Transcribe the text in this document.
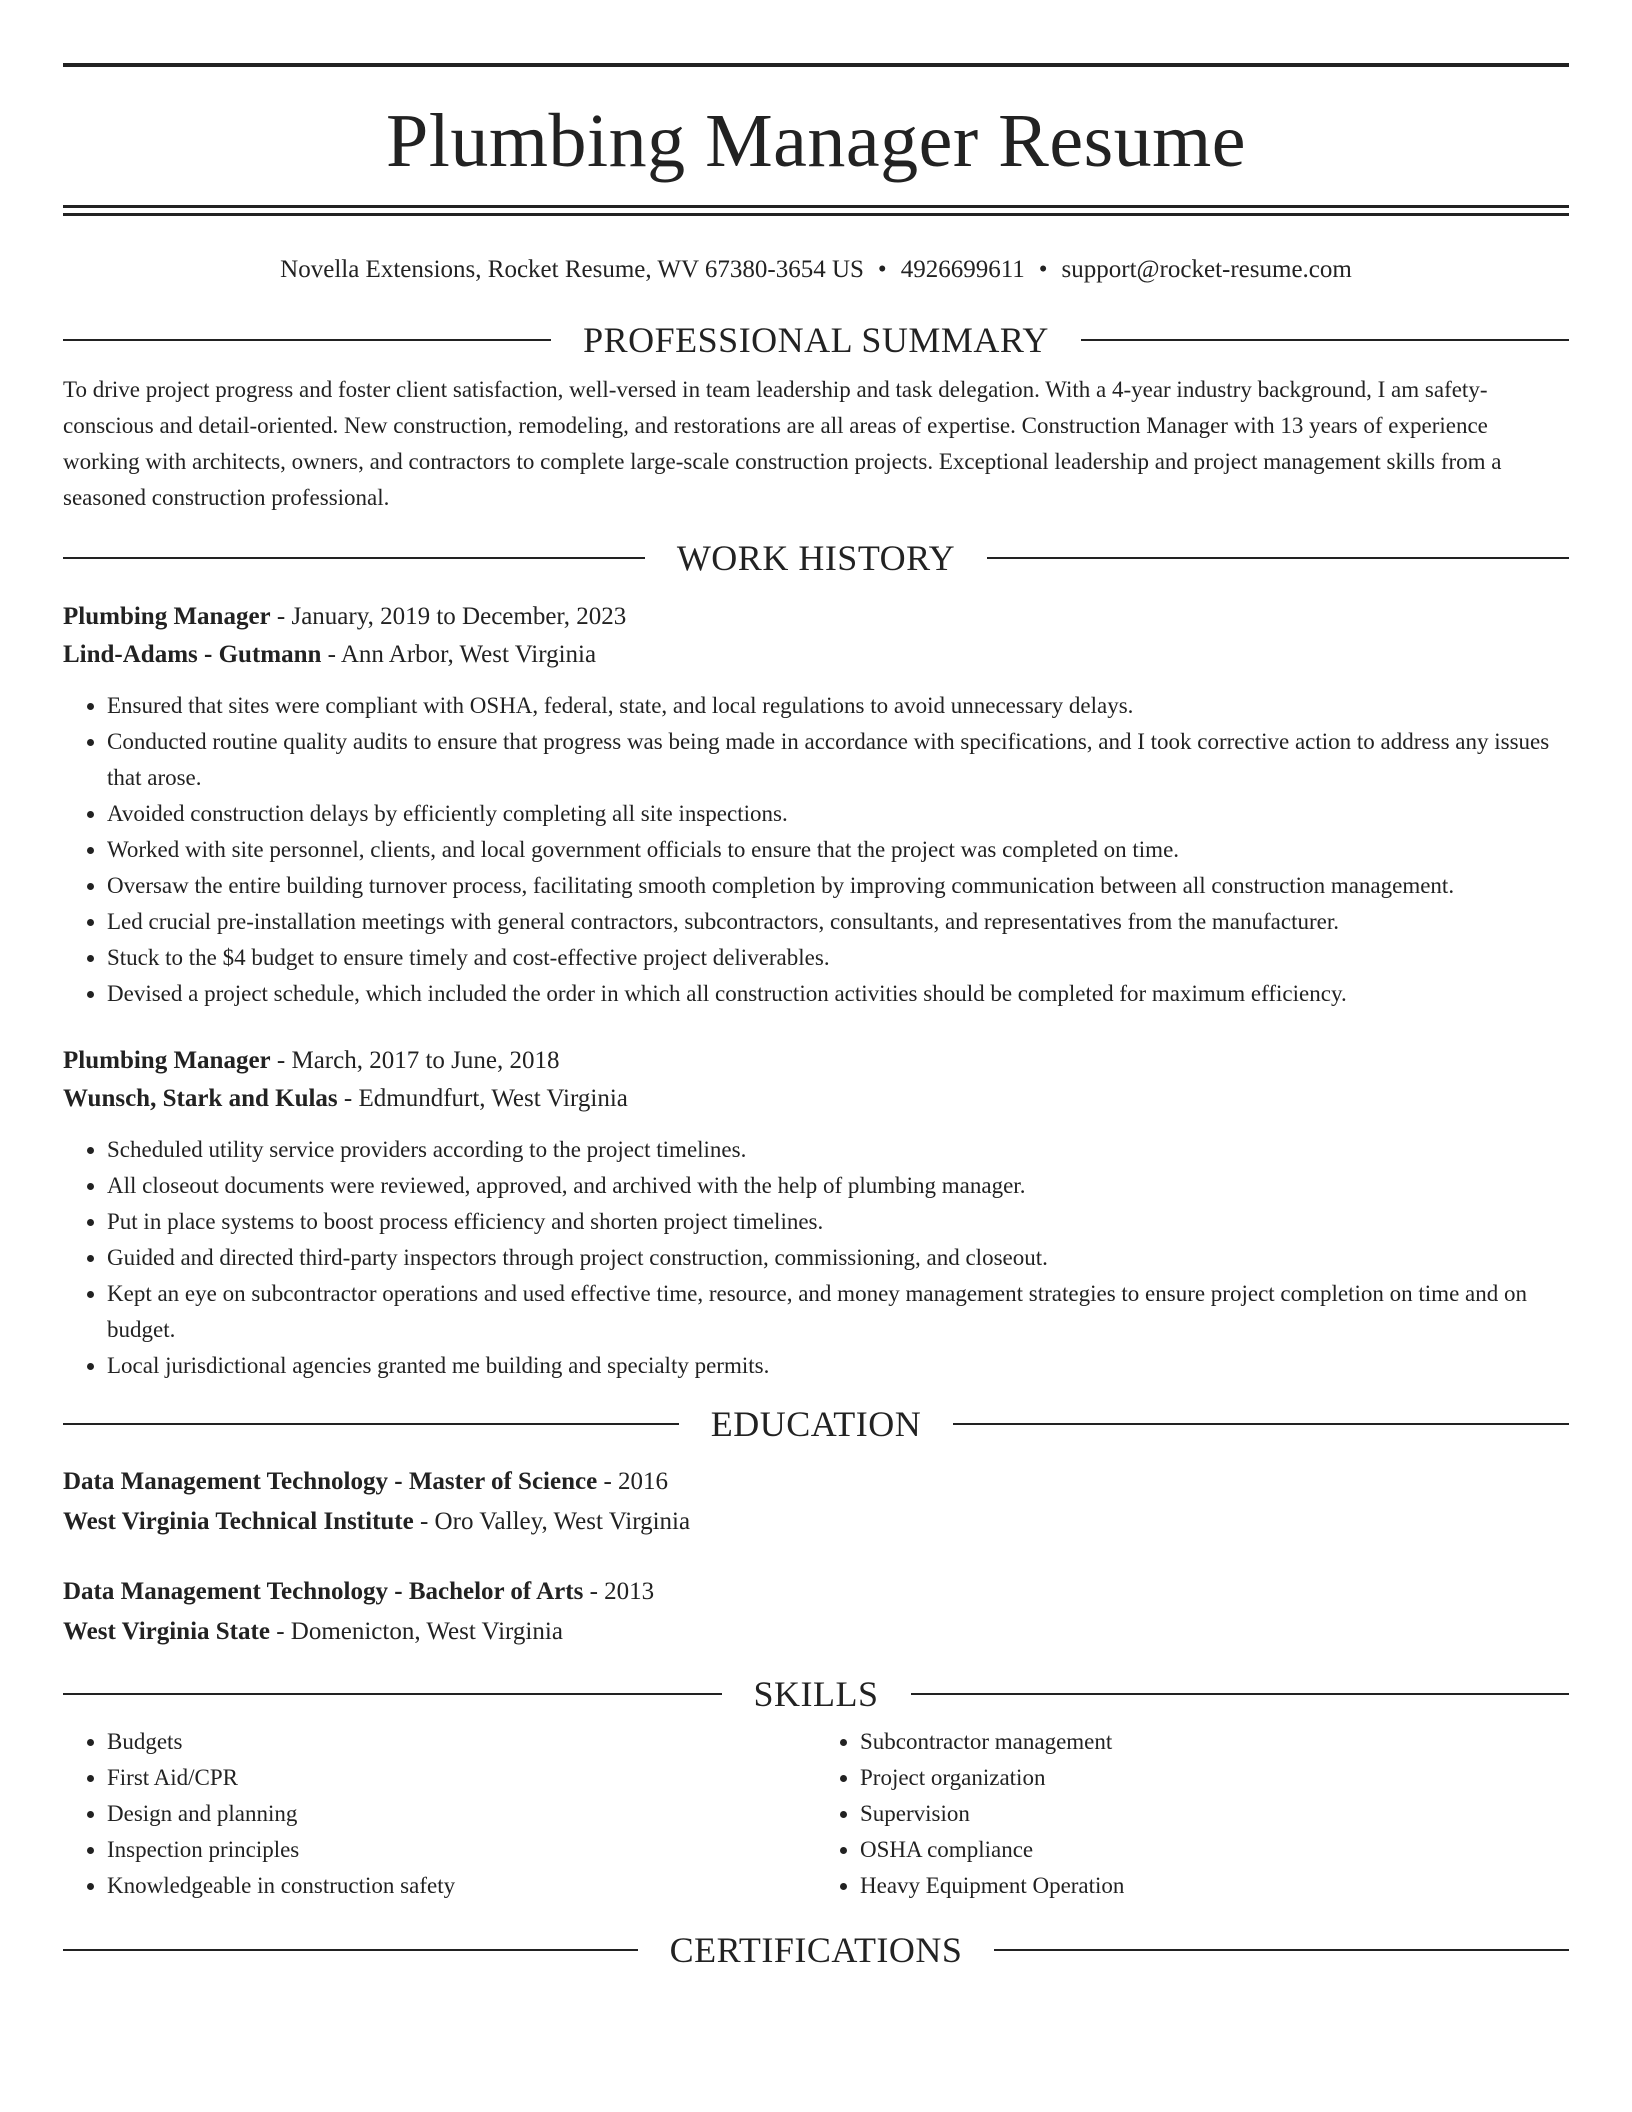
Plumbing Manager Resume
Novella Extensions, Rocket Resume, WV 67380-3654 US • 4926699611 • support@rocket-resume.com
PROFESSIONAL SUMMARY

To drive project progress and foster client satisfaction, well-versed in team leadership and task delegation. With a 4-year industry background, I am safety-conscious and detail-oriented. New construction, remodeling, and restorations are all areas of expertise. Construction Manager with 13 years of experience working with architects, owners, and contractors to complete large-scale construction projects. Exceptional leadership and project management skills from a seasoned construction professional.

WORK HISTORY

Plumbing Manager - January, 2019 to December, 2023

Lind-Adams - Gutmann - Ann Arbor, West Virginia

• Ensured that sites were compliant with OSHA, federal, state, and local regulations to avoid unnecessary delays.
• Conducted routine quality audits to ensure that progress was being made in accordance with specifications, and I took corrective action to address any issues that arose.
• Avoided construction delays by efficiently completing all site inspections.
• Worked with site personnel, clients, and local government officials to ensure that the project was completed on time.
• Oversaw the entire building turnover process, facilitating smooth completion by improving communication between all construction management.
• Led crucial pre-installation meetings with general contractors, subcontractors, consultants, and representatives from the manufacturer.
• Stuck to the $4 budget to ensure timely and cost-effective project deliverables.
• Devised a project schedule, which included the order in which all construction activities should be completed for maximum efficiency.

Plumbing Manager - March, 2017 to June, 2018

Wunsch, Stark and Kulas - Edmundfurt, West Virginia

• Scheduled utility service providers according to the project timelines.
• All closeout documents were reviewed, approved, and archived with the help of plumbing manager.
• Put in place systems to boost process efficiency and shorten project timelines.
• Guided and directed third-party inspectors through project construction, commissioning, and closeout.
• Kept an eye on subcontractor operations and used effective time, resource, and money management strategies to ensure project completion on time and on budget.
• Local jurisdictional agencies granted me building and specialty permits.
EDUCATION

Data Management Technology - Master of Science - 2016

West Virginia Technical Institute - Oro Valley, West Virginia

Data Management Technology - Bachelor of Arts - 2013

West Virginia State - Domenicton, West Virginia

SKILLS
• Budgets
• First Aid/CPR
• Design and planning
• Inspection principles
• Knowledgeable in construction safety
• Subcontractor management
• Project organization
• Supervision
• OSHA compliance
• Heavy Equipment Operation
CERTIFICATIONS
